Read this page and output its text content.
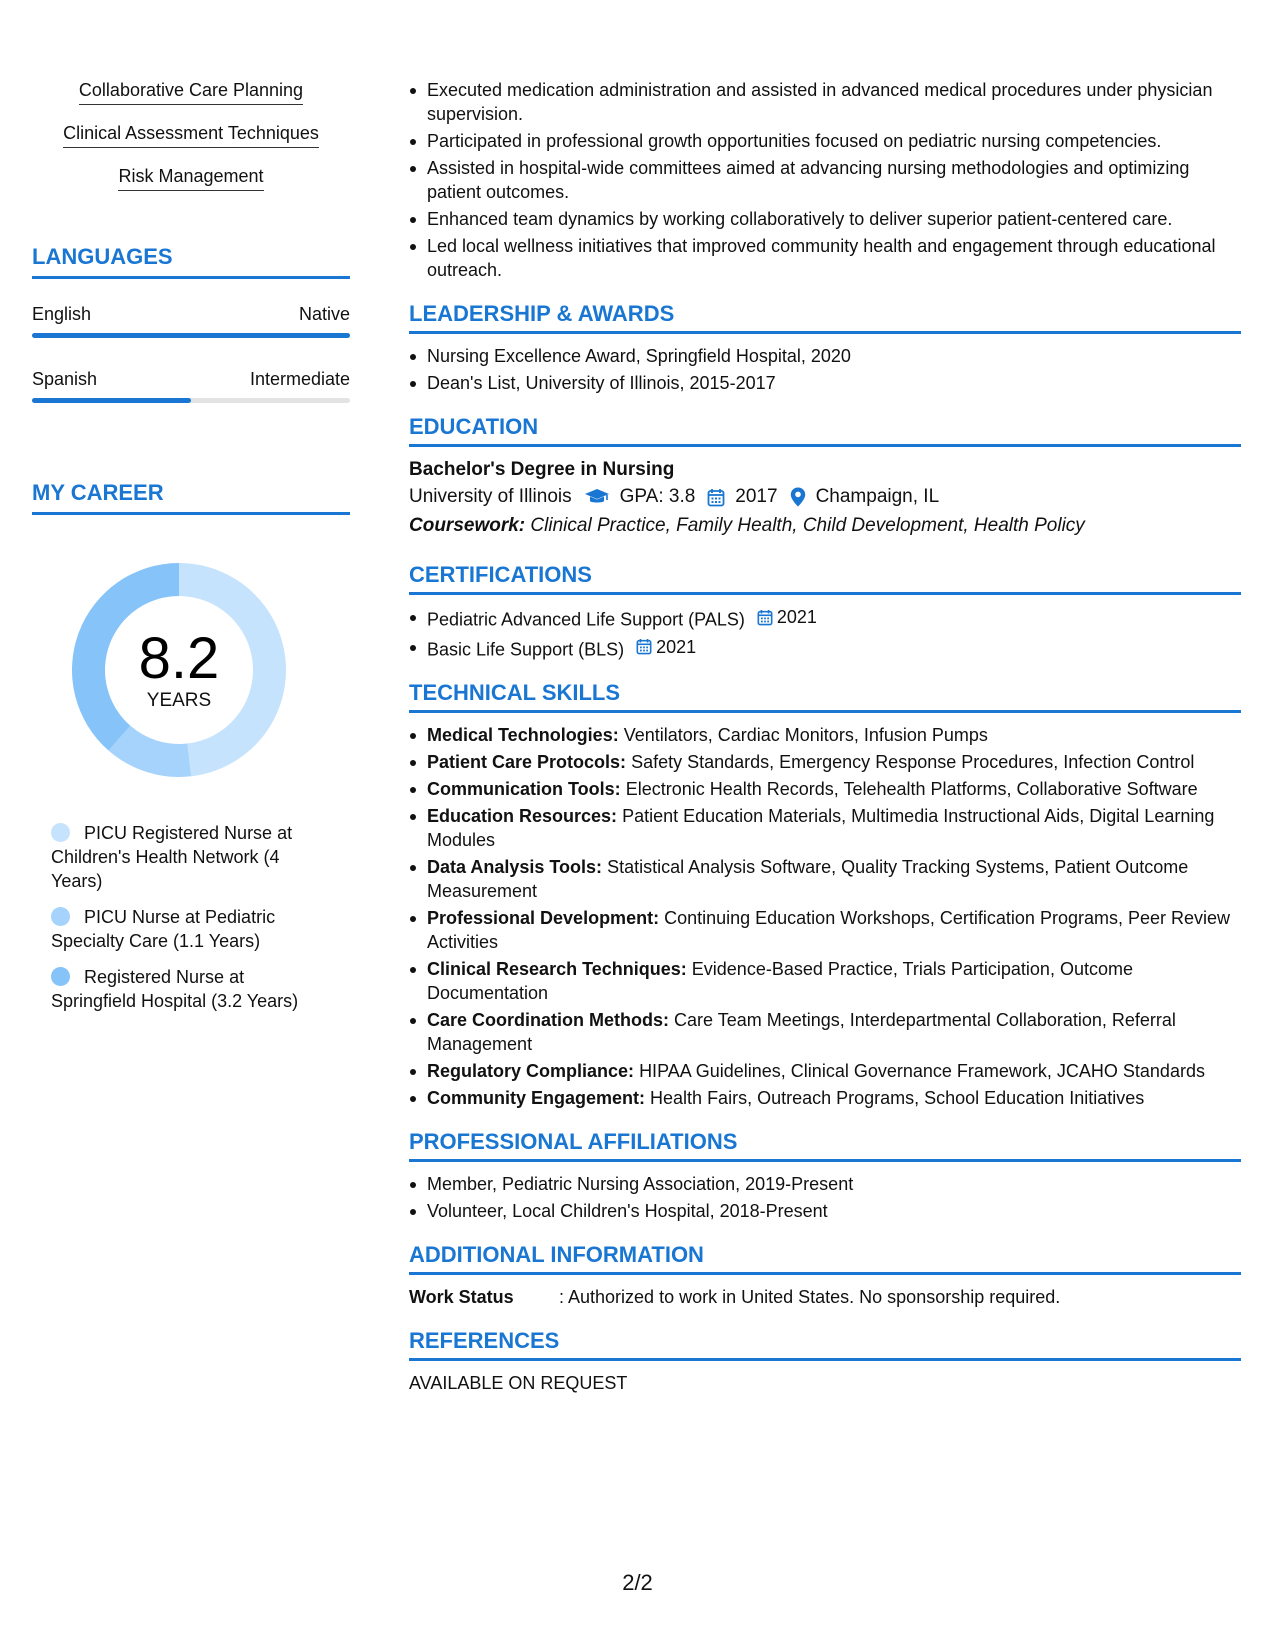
Collaborative Care Planning
Clinical Assessment Techniques
Risk Management
LANGUAGES
English	Native
Spanish	Intermediate
MY CAREER
8.2
YEARS
PICU Registered Nurse at Children's Health Network (4 Years)
PICU Nurse at Pediatric Specialty Care (1.1 Years)
Registered Nurse at Springfield Hospital (3.2 Years)
Executed medication administration and assisted in advanced medical procedures under physician supervision.
Participated in professional growth opportunities focused on pediatric nursing competencies.
Assisted in hospital-wide committees aimed at advancing nursing methodologies and optimizing patient outcomes.
Enhanced team dynamics by working collaboratively to deliver superior patient-centered care.
Led local wellness initiatives that improved community health and engagement through educational outreach.
LEADERSHIP & AWARDS
Nursing Excellence Award, Springfield Hospital, 2020
Dean's List, University of Illinois, 2015-2017
EDUCATION
Bachelor's Degree in Nursing
University of Illinois	GPA: 3.8 2017 Champaign, IL
Coursework: Clinical Practice, Family Health, Child Development, Health Policy
CERTIFICATIONS
Pediatric Advanced Life Support (PALS) 2021
Basic Life Support (BLS) 2021
TECHNICAL SKILLS
Medical Technologies: Ventilators, Cardiac Monitors, Infusion Pumps
Patient Care Protocols: Safety Standards, Emergency Response Procedures, Infection Control
Communication Tools: Electronic Health Records, Telehealth Platforms, Collaborative Software
Education Resources: Patient Education Materials, Multimedia Instructional Aids, Digital Learning Modules
Data Analysis Tools: Statistical Analysis Software, Quality Tracking Systems, Patient Outcome Measurement
Professional Development: Continuing Education Workshops, Certification Programs, Peer Review Activities
Clinical Research Techniques: Evidence-Based Practice, Trials Participation, Outcome Documentation
Care Coordination Methods: Care Team Meetings, Interdepartmental Collaboration, Referral Management
Regulatory Compliance: HIPAA Guidelines, Clinical Governance Framework, JCAHO Standards
Community Engagement: Health Fairs, Outreach Programs, School Education Initiatives
PROFESSIONAL AFFILIATIONS
Member, Pediatric Nursing Association, 2019-Present
Volunteer, Local Children's Hospital, 2018-Present
ADDITIONAL INFORMATION
Work Status	: Authorized to work in United States. No sponsorship required.
REFERENCES
AVAILABLE ON REQUEST
2/2
